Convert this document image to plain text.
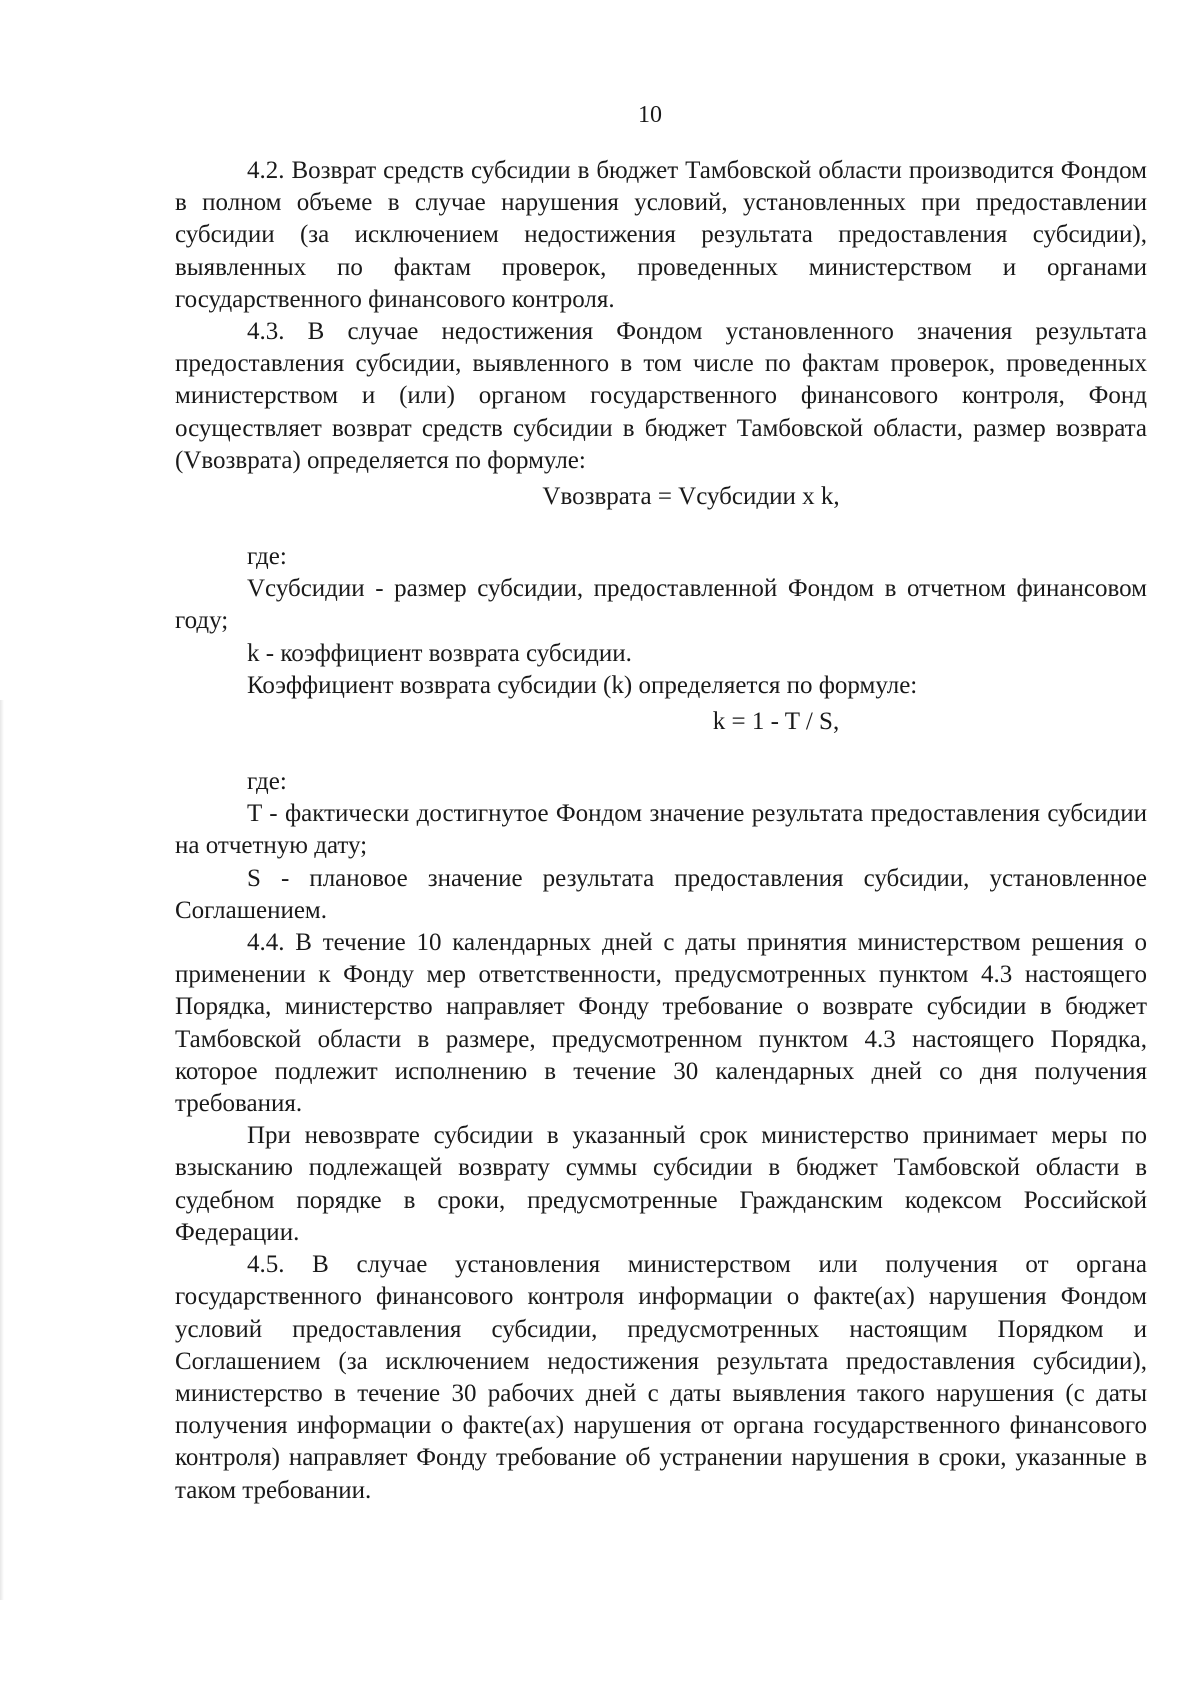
10

4.2. Возврат средств субсидии в бюджет Тамбовской области производится Фондом в полном объеме в случае нарушения условий, установленных при предоставлении субсидии (за исключением недостижения результата предоставления субсидии), выявленных по фактам проверок, проведенных министерством и органами государственного финансового контроля.

4.3. В случае недостижения Фондом установленного значения результата предоставления субсидии, выявленного в том числе по фактам проверок, проведенных министерством и (или) органом государственного финансового контроля, Фонд осуществляет возврат средств субсидии в бюджет Тамбовской области, размер возврата (Vвозврата) определяется по формуле:

Vвозврата = Vсубсидии x k,

где:

Vсубсидии - размер субсидии, предоставленной Фондом в отчетном финансовом году;

k - коэффициент возврата субсидии.

Коэффициент возврата субсидии (k) определяется по формуле:

k = 1 - T / S,

где:

T - фактически достигнутое Фондом значение результата предоставления субсидии на отчетную дату;

S - плановое значение результата предоставления субсидии, установленное Соглашением.

4.4. В течение 10 календарных дней с даты принятия министерством решения о применении к Фонду мер ответственности, предусмотренных пунктом 4.3 настоящего Порядка, министерство направляет Фонду требование о возврате субсидии в бюджет Тамбовской области в размере, предусмотренном пунктом 4.3 настоящего Порядка, которое подлежит исполнению в течение 30 календарных дней со дня получения требования.

При невозврате субсидии в указанный срок министерство принимает меры по взысканию подлежащей возврату суммы субсидии в бюджет Тамбовской области в судебном порядке в сроки, предусмотренные Гражданским кодексом Российской Федерации.

4.5. В случае установления министерством или получения от органа государственного финансового контроля информации о факте(ах) нарушения Фондом условий предоставления субсидии, предусмотренных настоящим Порядком и Соглашением (за исключением недостижения результата предоставления субсидии), министерство в течение 30 рабочих дней с даты выявления такого нарушения (с даты получения информации о факте(ах) нарушения от органа государственного финансового контроля) направляет Фонду требование об устранении нарушения в сроки, указанные в таком требовании.
